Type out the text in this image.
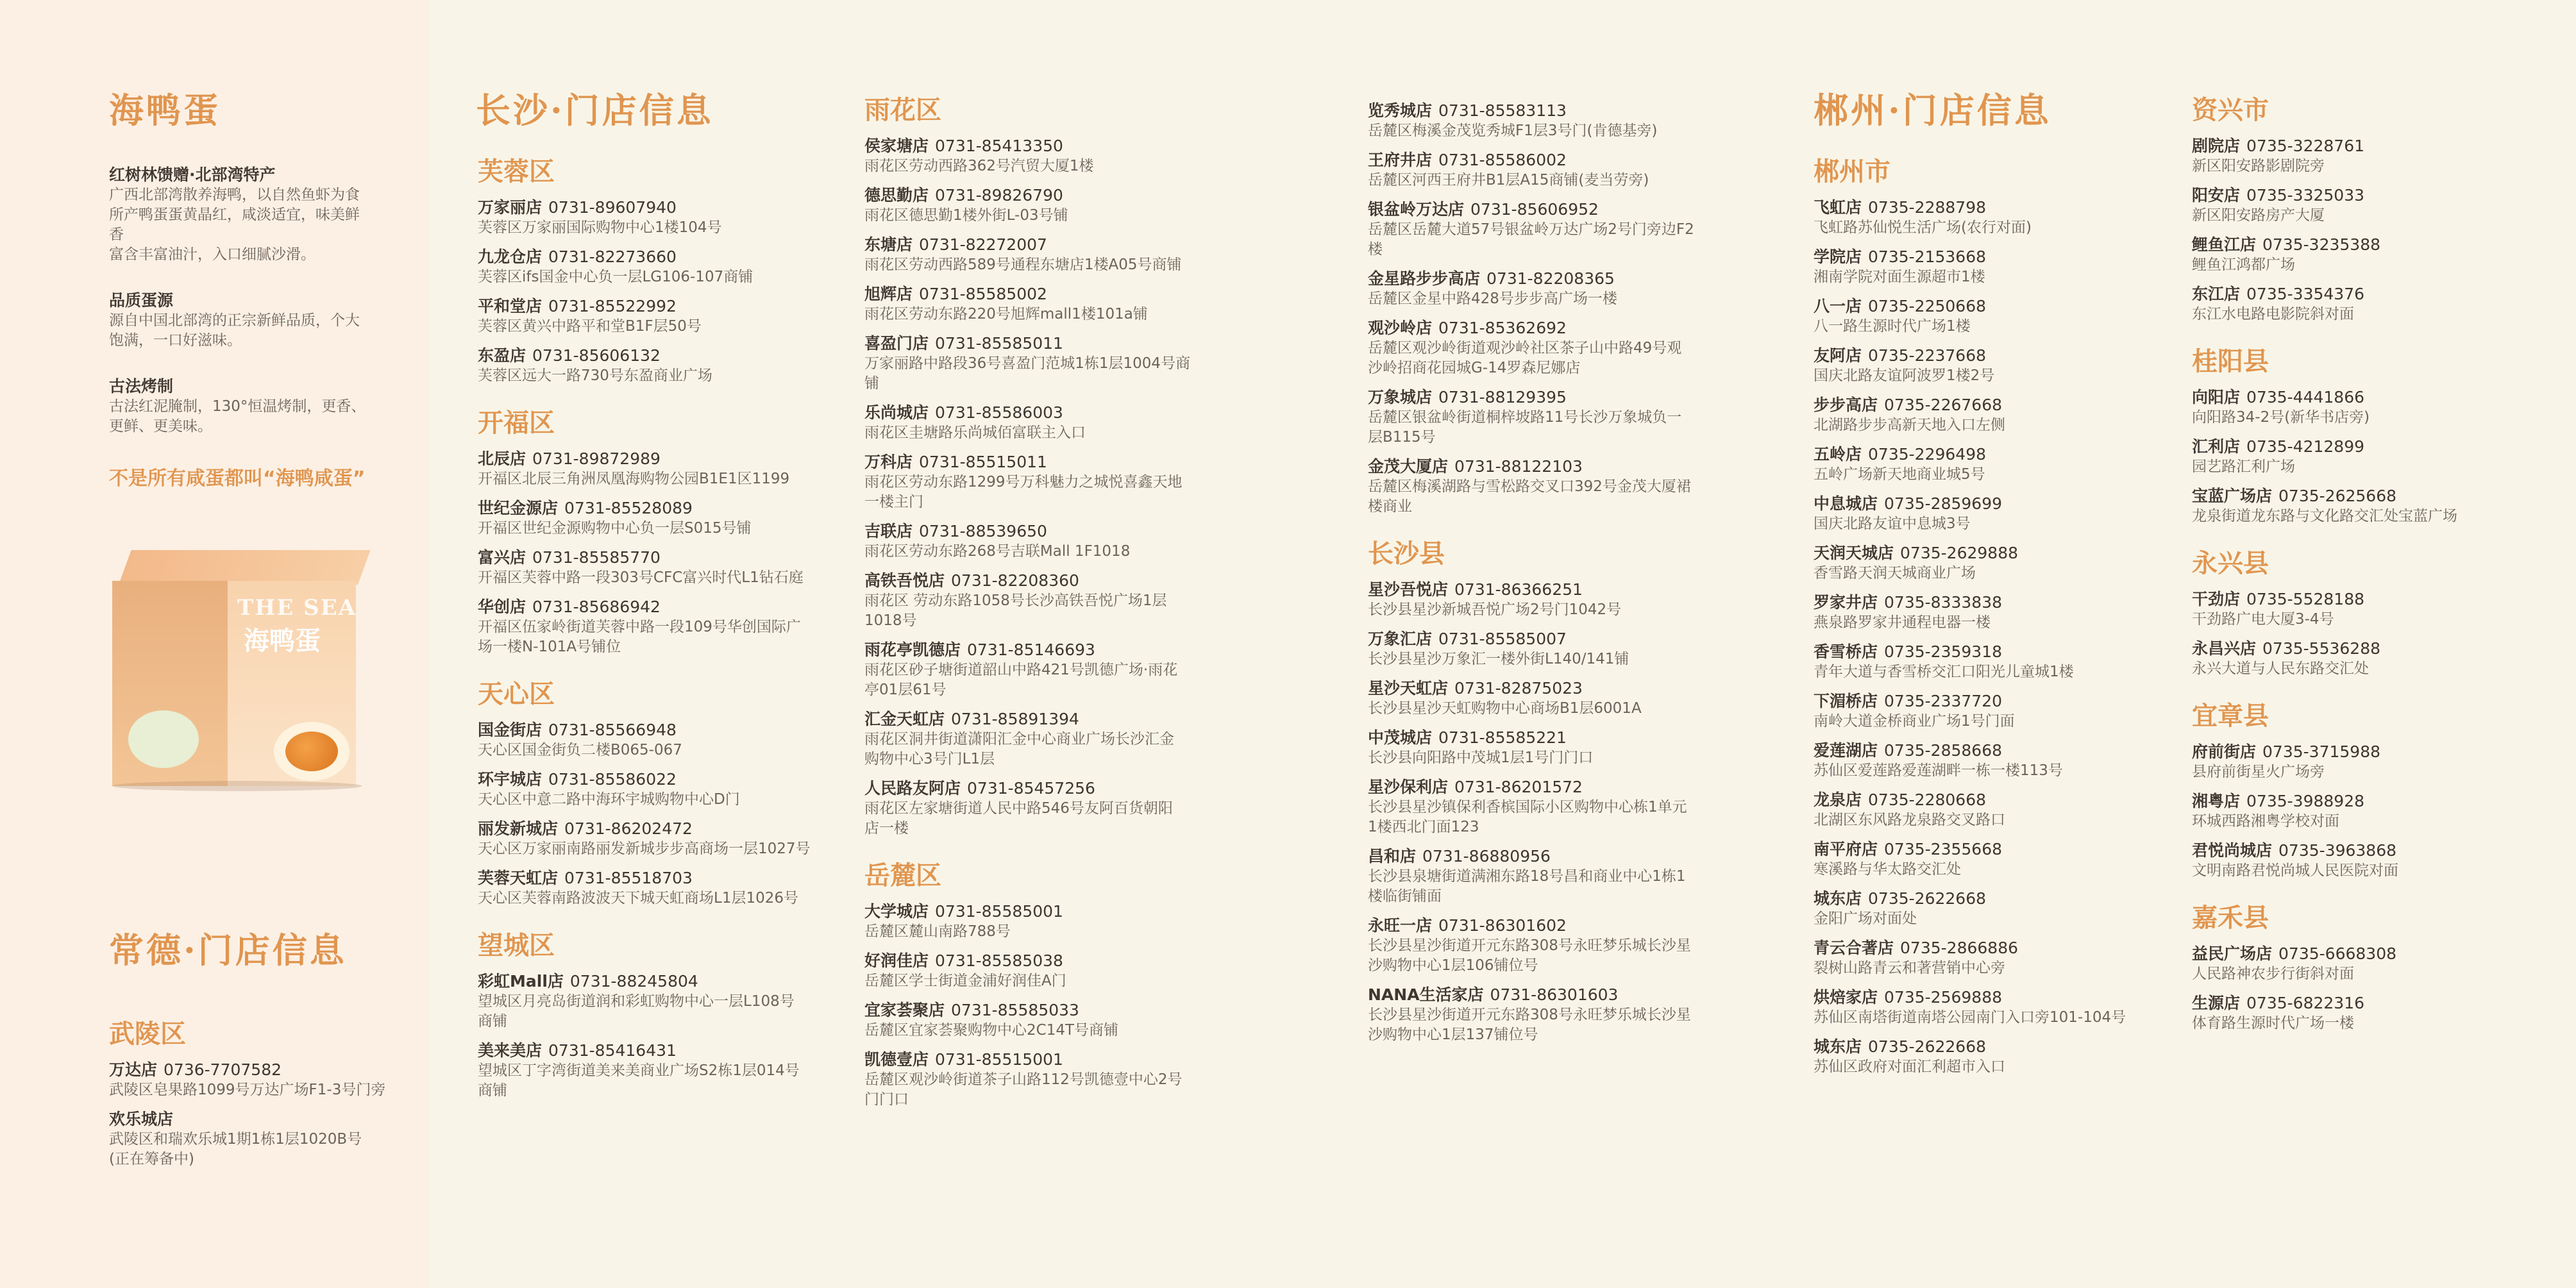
海鸭蛋
红树林馈赠·北部湾特产
广西北部湾散养海鸭，以自然鱼虾为食
所产鸭蛋蛋黄晶红，咸淡适宜，味美鲜
香
富含丰富油汁，入口细腻沙滑。
品质蛋源
源自中国北部湾的正宗新鲜品质，个大
饱满，一口好滋味。
古法烤制
古法红泥腌制，130°恒温烤制，更香、
更鲜、更美味。
不是所有咸蛋都叫“海鸭咸蛋”
THE SEA
海鸭蛋
常德·门店信息
武陵区
万达店 0736-7707582
武陵区皂果路1099号万达广场F1-3号门旁
欢乐城店
武陵区和瑞欢乐城1期1栋1层1020B号
(正在筹备中)
长沙·门店信息
芙蓉区
万家丽店 0731-89607940
芙蓉区万家丽国际购物中心1楼104号
九龙仓店 0731-82273660
芙蓉区ifs国金中心负一层LG106-107商铺
平和堂店 0731-85522992
芙蓉区黄兴中路平和堂B1F层50号
东盈店 0731-85606132
芙蓉区远大一路730号东盈商业广场
开福区
北辰店 0731-89872989
开福区北辰三角洲凤凰海购物公园B1E1区1199
世纪金源店 0731-85528089
开福区世纪金源购物中心负一层S015号铺
富兴店 0731-85585770
开福区芙蓉中路一段303号CFC富兴时代L1钻石庭
华创店 0731-85686942
开福区伍家岭街道芙蓉中路一段109号华创国际广
场一楼N-101A号铺位
天心区
国金街店 0731-85566948
天心区国金街负二楼B065-067
环宇城店 0731-85586022
天心区中意二路中海环宇城购物中心D门
丽发新城店 0731-86202472
天心区万家丽南路丽发新城步步高商场一层1027号
芙蓉天虹店 0731-85518703
天心区芙蓉南路波波天下城天虹商场L1层1026号
望城区
彩虹Mall店 0731-88245804
望城区月亮岛街道润和彩虹购物中心一层L108号
商铺
美来美店 0731-85416431
望城区丁字湾街道美来美商业广场S2栋1层014号
商铺
雨花区
侯家塘店 0731-85413350
雨花区劳动西路362号汽贸大厦1楼
德思勤店 0731-89826790
雨花区德思勤1楼外街L-03号铺
东塘店 0731-82272007
雨花区劳动西路589号通程东塘店1楼A05号商铺
旭辉店 0731-85585002
雨花区劳动东路220号旭辉mall1楼101a铺
喜盈门店 0731-85585011
万家丽路中路段36号喜盈门范城1栋1层1004号商
铺
乐尚城店 0731-85586003
雨花区圭塘路乐尚城佰富联主入口
万科店 0731-85515011
雨花区劳动东路1299号万科魅力之城悦喜鑫天地
一楼主门
吉联店 0731-88539650
雨花区劳动东路268号吉联Mall 1F1018
高铁吾悦店 0731-82208360
雨花区 劳动东路1058号长沙高铁吾悦广场1层
1018号
雨花亭凯德店 0731-85146693
雨花区砂子塘街道韶山中路421号凯德广场·雨花
亭01层61号
汇金天虹店 0731-85891394
雨花区洞井街道潇阳汇金中心商业广场长沙汇金
购物中心3号门L1层
人民路友阿店 0731-85457256
雨花区左家塘街道人民中路546号友阿百货朝阳
店一楼
岳麓区
大学城店 0731-85585001
岳麓区麓山南路788号
好润佳店 0731-85585038
岳麓区学士街道金浦好润佳A门
宜家荟聚店 0731-85585033
岳麓区宜家荟聚购物中心2C14T号商铺
凯德壹店 0731-85515001
岳麓区观沙岭街道茶子山路112号凯德壹中心2号
门门口
览秀城店 0731-85583113
岳麓区梅溪金茂览秀城F1层3号门(肯德基旁)
王府井店 0731-85586002
岳麓区河西王府井B1层A15商铺(麦当劳旁)
银盆岭万达店 0731-85606952
岳麓区岳麓大道57号银盆岭万达广场2号门旁边F2
楼
金星路步步高店 0731-82208365
岳麓区金星中路428号步步高广场一楼
观沙岭店 0731-85362692
岳麓区观沙岭街道观沙岭社区茶子山中路49号观
沙岭招商花园城G-14罗森尼娜店
万象城店 0731-88129395
岳麓区银盆岭街道桐梓坡路11号长沙万象城负一
层B115号
金茂大厦店 0731-88122103
岳麓区梅溪湖路与雪松路交叉口392号金茂大厦裙
楼商业
长沙县
星沙吾悦店 0731-86366251
长沙县星沙新城吾悦广场2号门1042号
万象汇店 0731-85585007
长沙县星沙万象汇一楼外街L140/141铺
星沙天虹店 0731-82875023
长沙县星沙天虹购物中心商场B1层6001A
中茂城店 0731-85585221
长沙县向阳路中茂城1层1号门门口
星沙保利店 0731-86201572
长沙县星沙镇保利香槟国际小区购物中心栋1单元
1楼西北门面123
昌和店 0731-86880956
长沙县泉塘街道满湘东路18号昌和商业中心1栋1
楼临街铺面
永旺一店 0731-86301602
长沙县星沙街道开元东路308号永旺梦乐城长沙星
沙购物中心1层106铺位号
NANA生活家店 0731-86301603
长沙县星沙街道开元东路308号永旺梦乐城长沙星
沙购物中心1层137铺位号
郴州·门店信息
郴州市
飞虹店 0735-2288798
飞虹路苏仙悦生活广场(农行对面)
学院店 0735-2153668
湘南学院对面生源超市1楼
八一店 0735-2250668
八一路生源时代广场1楼
友阿店 0735-2237668
国庆北路友谊阿波罗1楼2号
步步高店 0735-2267668
北湖路步步高新天地入口左侧
五岭店 0735-2296498
五岭广场新天地商业城5号
中息城店 0735-2859699
国庆北路友谊中息城3号
天润天城店 0735-2629888
香雪路天润天城商业广场
罗家井店 0735-8333838
燕泉路罗家井通程电器一楼
香雪桥店 0735-2359318
青年大道与香雪桥交汇口阳光儿童城1楼
下湄桥店 0735-2337720
南岭大道金桥商业广场1号门面
爱莲湖店 0735-2858668
苏仙区爱莲路爱莲湖畔一栋一楼113号
龙泉店 0735-2280668
北湖区东风路龙泉路交叉路口
南平府店 0735-2355668
寒溪路与华太路交汇处
城东店 0735-2622668
金阳广场对面处
青云合著店 0735-2866886
裂树山路青云和著营销中心旁
烘焙家店 0735-2569888
苏仙区南塔街道南塔公园南门入口旁101-104号
城东店 0735-2622668
苏仙区政府对面汇利超市入口
资兴市
剧院店 0735-3228761
新区阳安路影剧院旁
阳安店 0735-3325033
新区阳安路房产大厦
鲤鱼江店 0735-3235388
鲤鱼江鸿都广场
东江店 0735-3354376
东江水电路电影院斜对面
桂阳县
向阳店 0735-4441866
向阳路34-2号(新华书店旁)
汇利店 0735-4212899
园艺路汇利广场
宝蓝广场店 0735-2625668
龙泉街道龙东路与文化路交汇处宝蓝广场
永兴县
干劲店 0735-5528188
干劲路广电大厦3-4号
永昌兴店 0735-5536288
永兴大道与人民东路交汇处
宜章县
府前街店 0735-3715988
县府前街星火广场旁
湘粤店 0735-3988928
环城西路湘粤学校对面
君悦尚城店 0735-3963868
文明南路君悦尚城人民医院对面
嘉禾县
益民广场店 0735-6668308
人民路神农步行街斜对面
生源店 0735-6822316
体育路生源时代广场一楼
